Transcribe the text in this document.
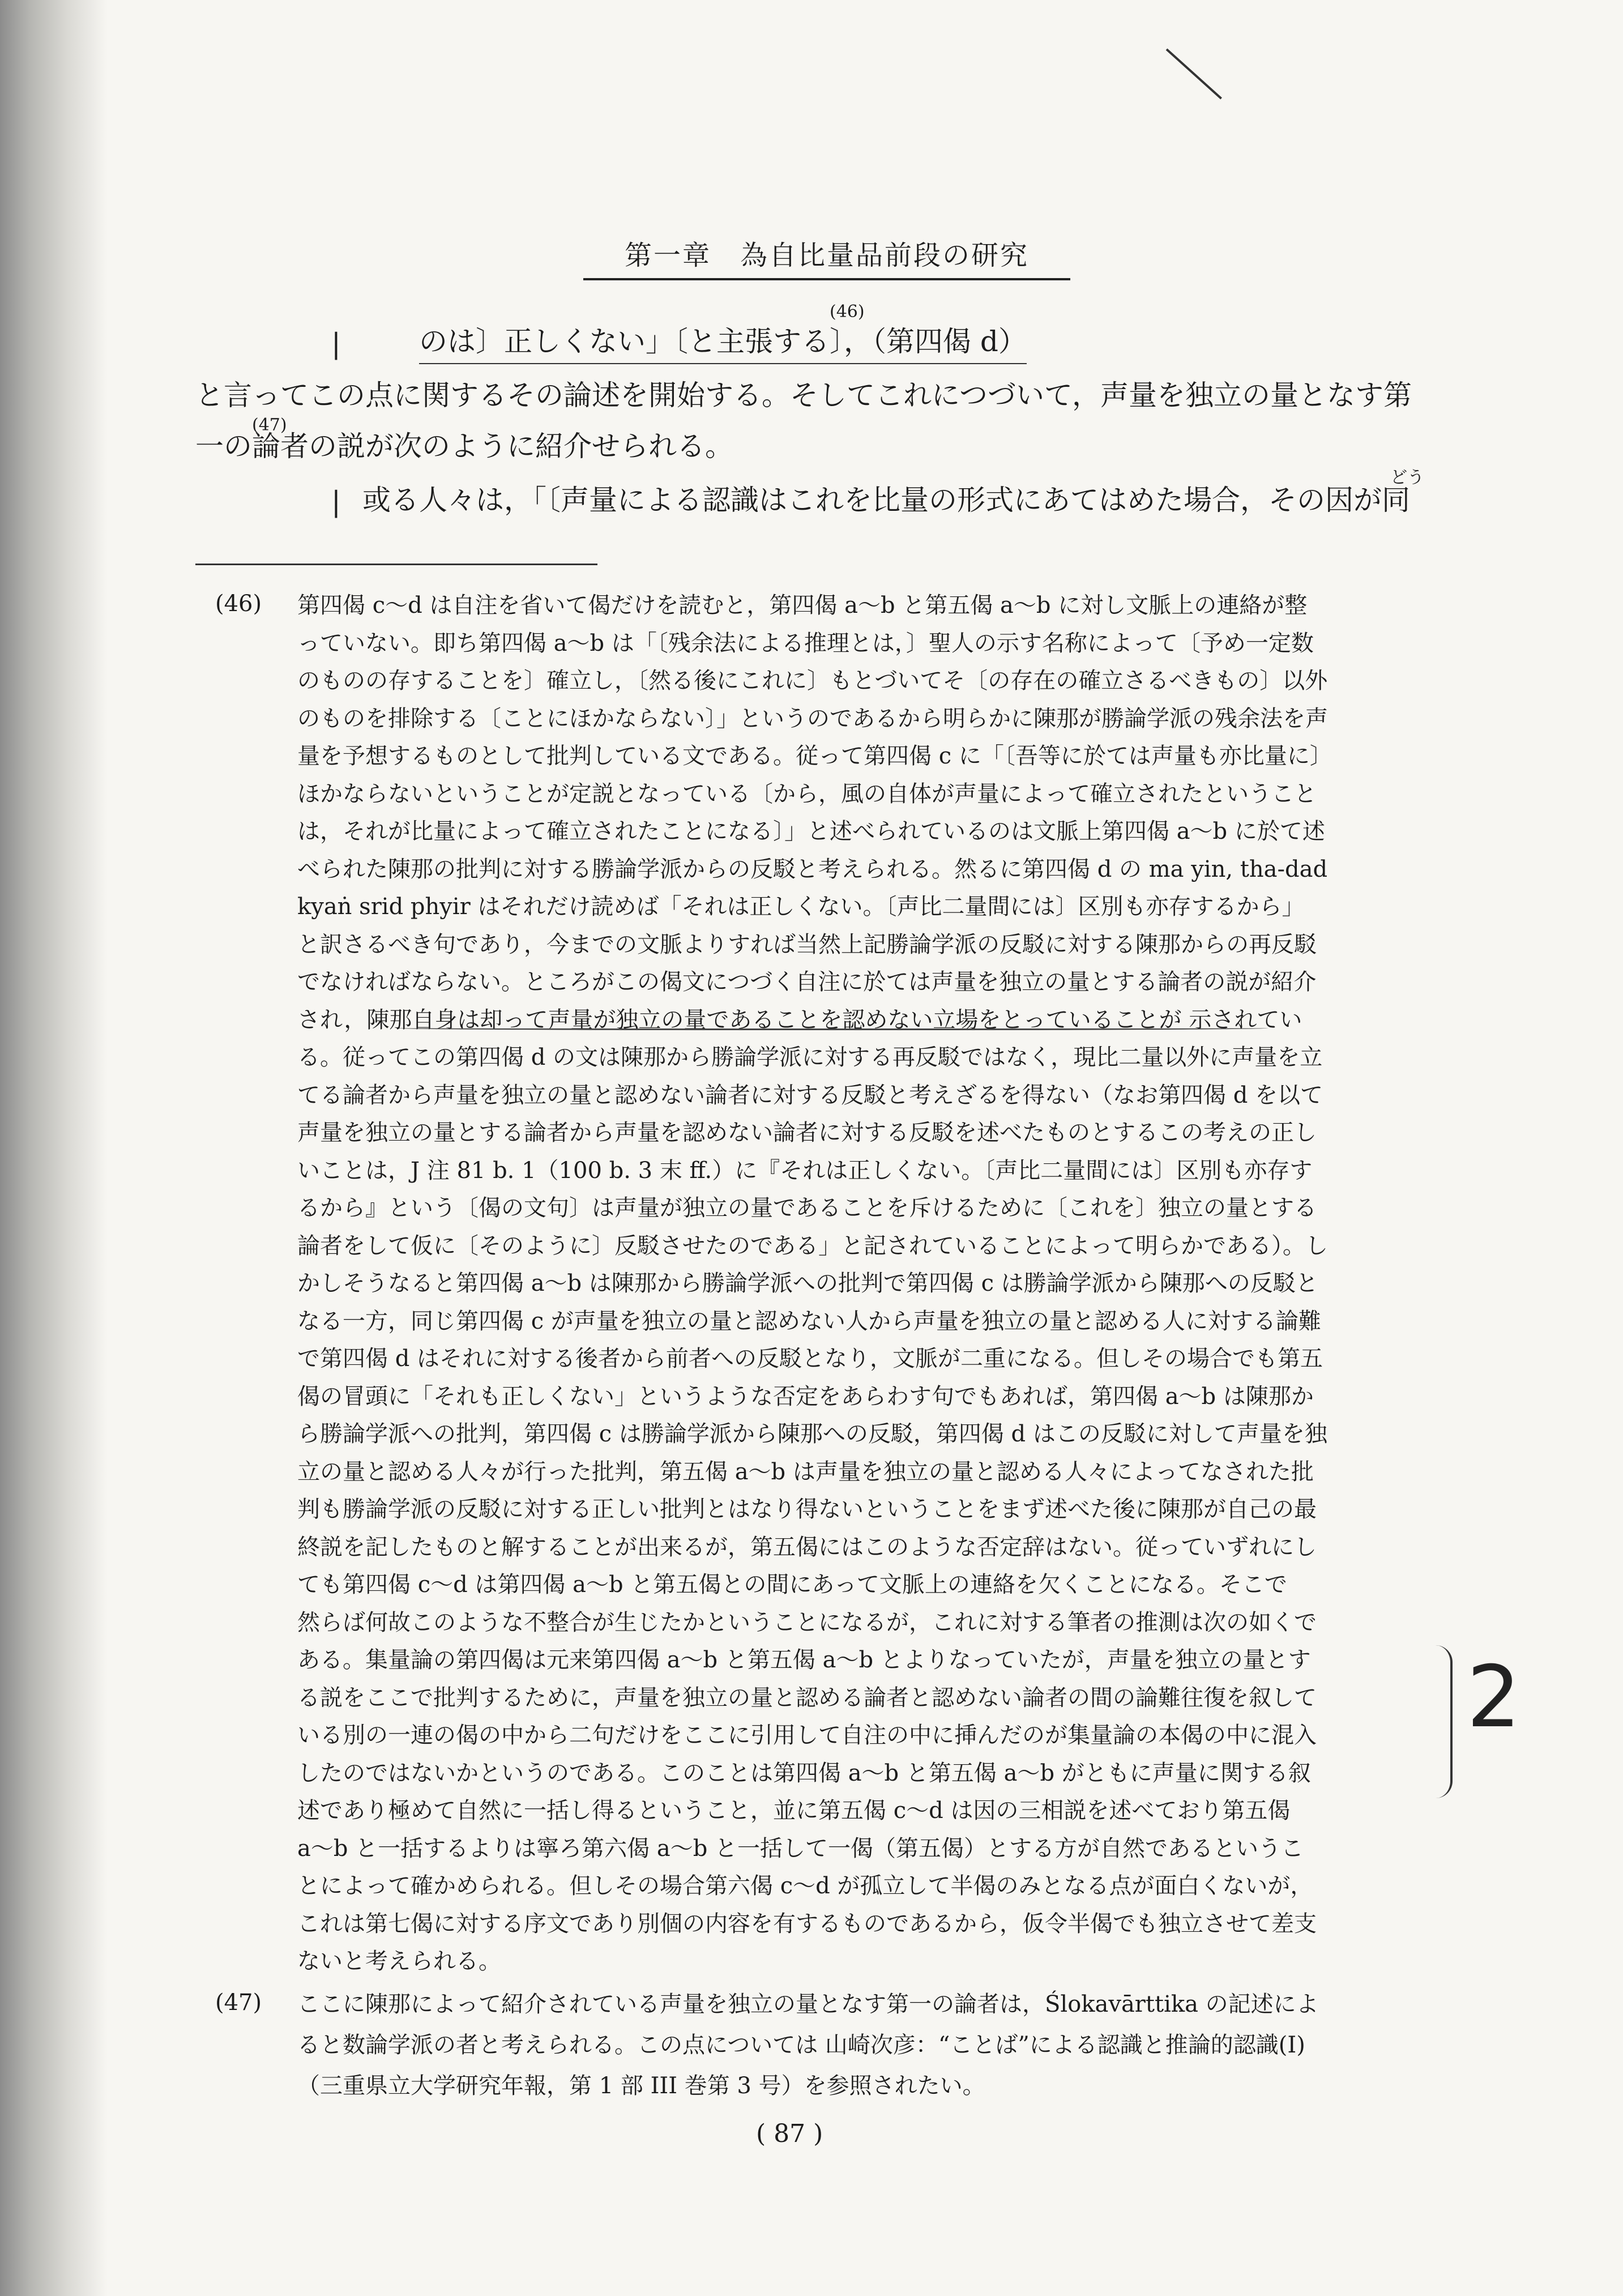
第一章　為自比量品前段の研究
|	のは〕正しくない」〔と主張する〕，（第四偈 d）
(46)
と言ってこの点に関するその論述を開始する。そしてこれにつづいて，声量を独立の量となす第
(47)
一の論者の説が次のように紹介せられる。
|
どう
或る人々は，「〔声量による認識はこれを比量の形式にあてはめた場合，その因が同
(46) 第四偈 c〜d は自注を省いて偈だけを読むと，第四偈 a〜b と第五偈 a〜b に対し文脈上の連絡が整
っていない。即ち第四偈 a〜b は「〔残余法による推理とは，〕聖人の示す名称によって〔予め一定数
のものの存することを〕確立し，〔然る後にこれに〕もとづいてそ〔の存在の確立さるべきもの〕以外
のものを排除する〔ことにほかならない〕」というのであるから明らかに陳那が勝論学派の残余法を声
量を予想するものとして批判している文である。従って第四偈 c に「〔吾等に於ては声量も亦比量に〕
ほかならないということが定説となっている〔から，風の自体が声量によって確立されたということ
は，それが比量によって確立されたことになる〕」と述べられているのは文脈上第四偈 a〜b に於て述
べられた陳那の批判に対する勝論学派からの反駁と考えられる。然るに第四偈 d の ma yin, tha-dad
kyaṅ srid phyir はそれだけ読めば「それは正しくない。〔声比二量間には〕区別も亦存するから」
と訳さるべき句であり，今までの文脈よりすれば当然上記勝論学派の反駁に対する陳那からの再反駁
でなければならない。ところがこの偈文につづく自注に於ては声量を独立の量とする論者の説が紹介
され，陳那自身は却って声量が独立の量であることを認めない立場をとっていることが 示されてい
る。従ってこの第四偈 d の文は陳那から勝論学派に対する再反駁ではなく，現比二量以外に声量を立
てる論者から声量を独立の量と認めない論者に対する反駁と考えざるを得ない（なお第四偈 d を以て
声量を独立の量とする論者から声量を認めない論者に対する反駁を述べたものとするこの考えの正し
いことは，J 注 81 b. 1（100 b. 3 末 ff.）に『それは正しくない。〔声比二量間には〕区別も亦存す
るから』という〔偈の文句〕は声量が独立の量であることを斥けるために〔これを〕独立の量とする
論者をして仮に〔そのように〕反駁させたのである」と記されていることによって明らかである）。し
かしそうなると第四偈 a〜b は陳那から勝論学派への批判で第四偈 c は勝論学派から陳那への反駁と
なる一方，同じ第四偈 c が声量を独立の量と認めない人から声量を独立の量と認める人に対する論難
で第四偈 d はそれに対する後者から前者への反駁となり，文脈が二重になる。但しその場合でも第五
偈の冒頭に「それも正しくない」というような否定をあらわす句でもあれば，第四偈 a〜b は陳那か
ら勝論学派への批判，第四偈 c は勝論学派から陳那への反駁，第四偈 d はこの反駁に対して声量を独
立の量と認める人々が行った批判，第五偈 a〜b は声量を独立の量と認める人々によってなされた批
判も勝論学派の反駁に対する正しい批判とはなり得ないということをまず述べた後に陳那が自己の最
終説を記したものと解することが出来るが，第五偈にはこのような否定辞はない。従っていずれにし
ても第四偈 c〜d は第四偈 a〜b と第五偈との間にあって文脈上の連絡を欠くことになる。そこで
然らば何故このような不整合が生じたかということになるが，これに対する筆者の推測は次の如くで
ある。集量論の第四偈は元来第四偈 a〜b と第五偈 a〜b とよりなっていたが，声量を独立の量とす
る説をここで批判するために，声量を独立の量と認める論者と認めない論者の間の論難往復を叙して
いる別の一連の偈の中から二句だけをここに引用して自注の中に挿んだのが集量論の本偈の中に混入
したのではないかというのである。このことは第四偈 a〜b と第五偈 a〜b がともに声量に関する叙
述であり極めて自然に一括し得るということ，並に第五偈 c〜d は因の三相説を述べており第五偈
a〜b と一括するよりは寧ろ第六偈 a〜b と一括して一偈（第五偈）とする方が自然であるというこ
とによって確かめられる。但しその場合第六偈 c〜d が孤立して半偈のみとなる点が面白くないが，
これは第七偈に対する序文であり別個の内容を有するものであるから，仮令半偈でも独立させて差支
ないと考えられる。
(47) ここに陳那によって紹介されている声量を独立の量となす第一の論者は，Ślokavārttika の記述によ
ると数論学派の者と考えられる。この点については 山崎次彦：“ことば”による認識と推論的認識(I)
（三重県立大学研究年報，第 1 部 III 巻第 3 号）を参照されたい。
2
( 87 )
